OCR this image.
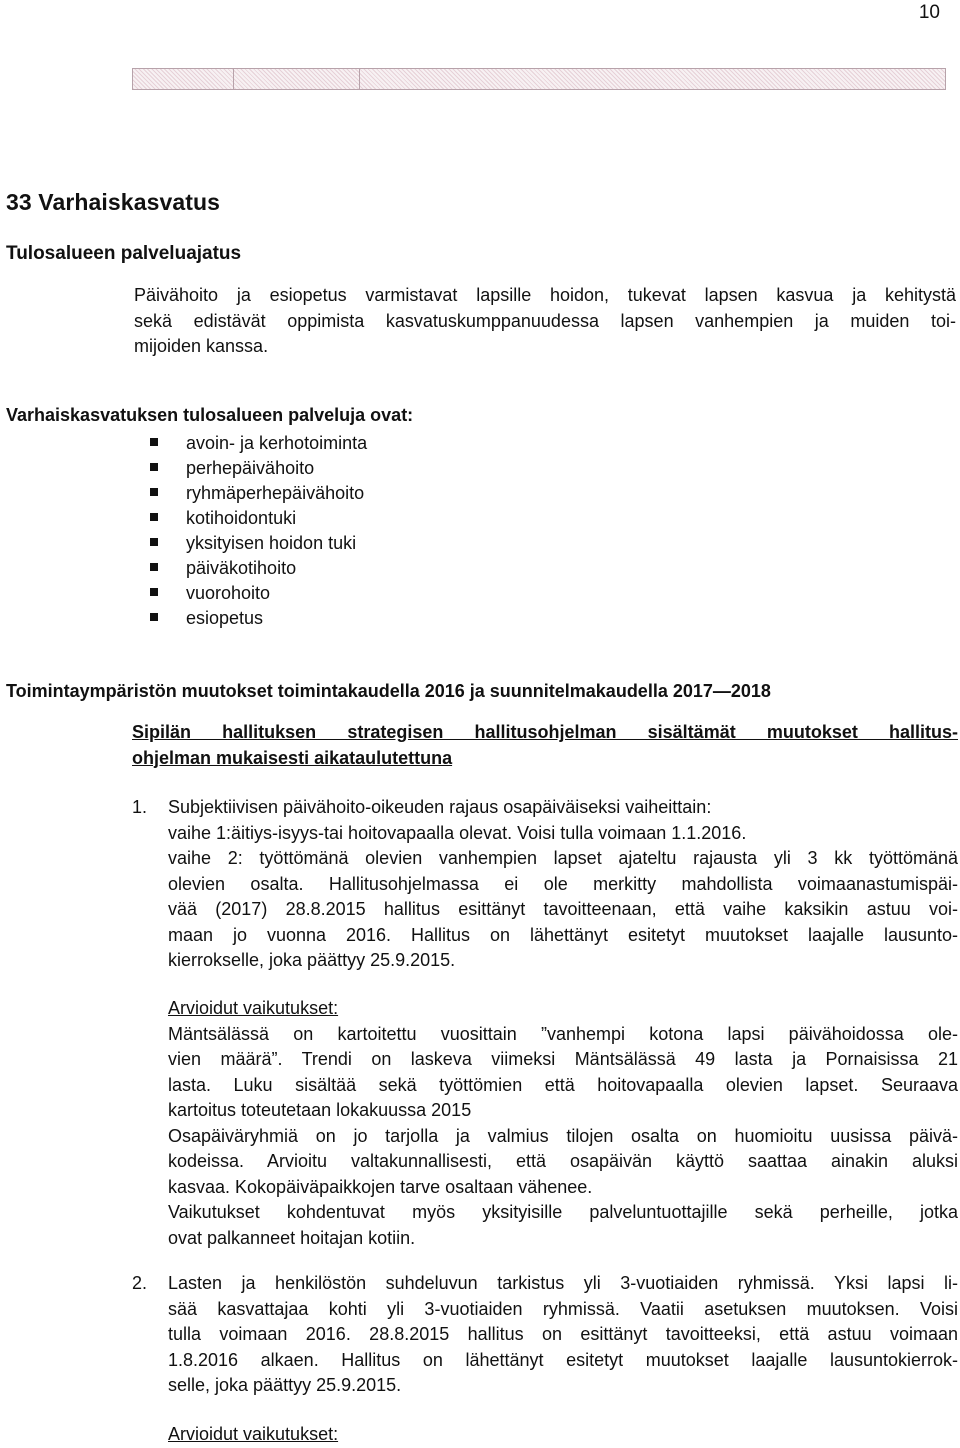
10
33 Varhaiskasvatus
Tulosalueen palveluajatus
Päivähoito ja esiopetus varmistavat lapsille hoidon, tukevat lapsen kasvua ja kehitystä
sekä edistävät oppimista kasvatuskumppanuudessa lapsen vanhempien ja muiden toi-
mijoiden kanssa.
Varhaiskasvatuksen tulosalueen palveluja ovat:
avoin- ja kerhotoiminta
perhepäivähoito
ryhmäperhepäivähoito
kotihoidontuki
yksityisen hoidon tuki
päiväkotihoito
vuorohoito
esiopetus
Toimintaympäristön muutokset toimintakaudella 2016 ja suunnitelmakaudella 2017—2018
Sipilän hallituksen strategisen hallitusohjelman sisältämät muutokset hallitus-
ohjelman mukaisesti aikataulutettuna
1. Subjektiivisen päivähoito-oikeuden rajaus osapäiväiseksi vaiheittain:
vaihe 1:äitiys-isyys-tai hoitovapaalla olevat. Voisi tulla voimaan 1.1.2016.
vaihe 2: työttömänä olevien vanhempien lapset ajateltu rajausta yli 3 kk työttömänä
olevien osalta. Hallitusohjelmassa ei ole merkitty mahdollista voimaanastumispäi-
vää (2017) 28.8.2015 hallitus esittänyt tavoitteenaan, että vaihe kaksikin astuu voi-
maan jo vuonna 2016. Hallitus on lähettänyt esitetyt muutokset laajalle lausunto-
kierrokselle, joka päättyy 25.9.2015.
Arvioidut vaikutukset:
Mäntsälässä on kartoitettu vuosittain ”vanhempi kotona lapsi päivähoidossa ole-
vien määrä”. Trendi on laskeva viimeksi Mäntsälässä 49 lasta ja Pornaisissa 21
lasta. Luku sisältää sekä työttömien että hoitovapaalla olevien lapset. Seuraava
kartoitus toteutetaan lokakuussa 2015
Osapäiväryhmiä on jo tarjolla ja valmius tilojen osalta on huomioitu uusissa päivä-
kodeissa. Arvioitu valtakunnallisesti, että osapäivän käyttö saattaa ainakin aluksi
kasvaa. Kokopäiväpaikkojen tarve osaltaan vähenee.
Vaikutukset kohdentuvat myös yksityisille palveluntuottajille sekä perheille, jotka
ovat palkanneet hoitajan kotiin.
2. Lasten ja henkilöstön suhdeluvun tarkistus yli 3-vuotiaiden ryhmissä. Yksi lapsi li-
sää kasvattajaa kohti yli 3-vuotiaiden ryhmissä. Vaatii asetuksen muutoksen. Voisi
tulla voimaan 2016. 28.8.2015 hallitus on esittänyt tavoitteeksi, että astuu voimaan
1.8.2016 alkaen. Hallitus on lähettänyt esitetyt muutokset laajalle lausuntokierrok-
selle, joka päättyy 25.9.2015.
Arvioidut vaikutukset:
